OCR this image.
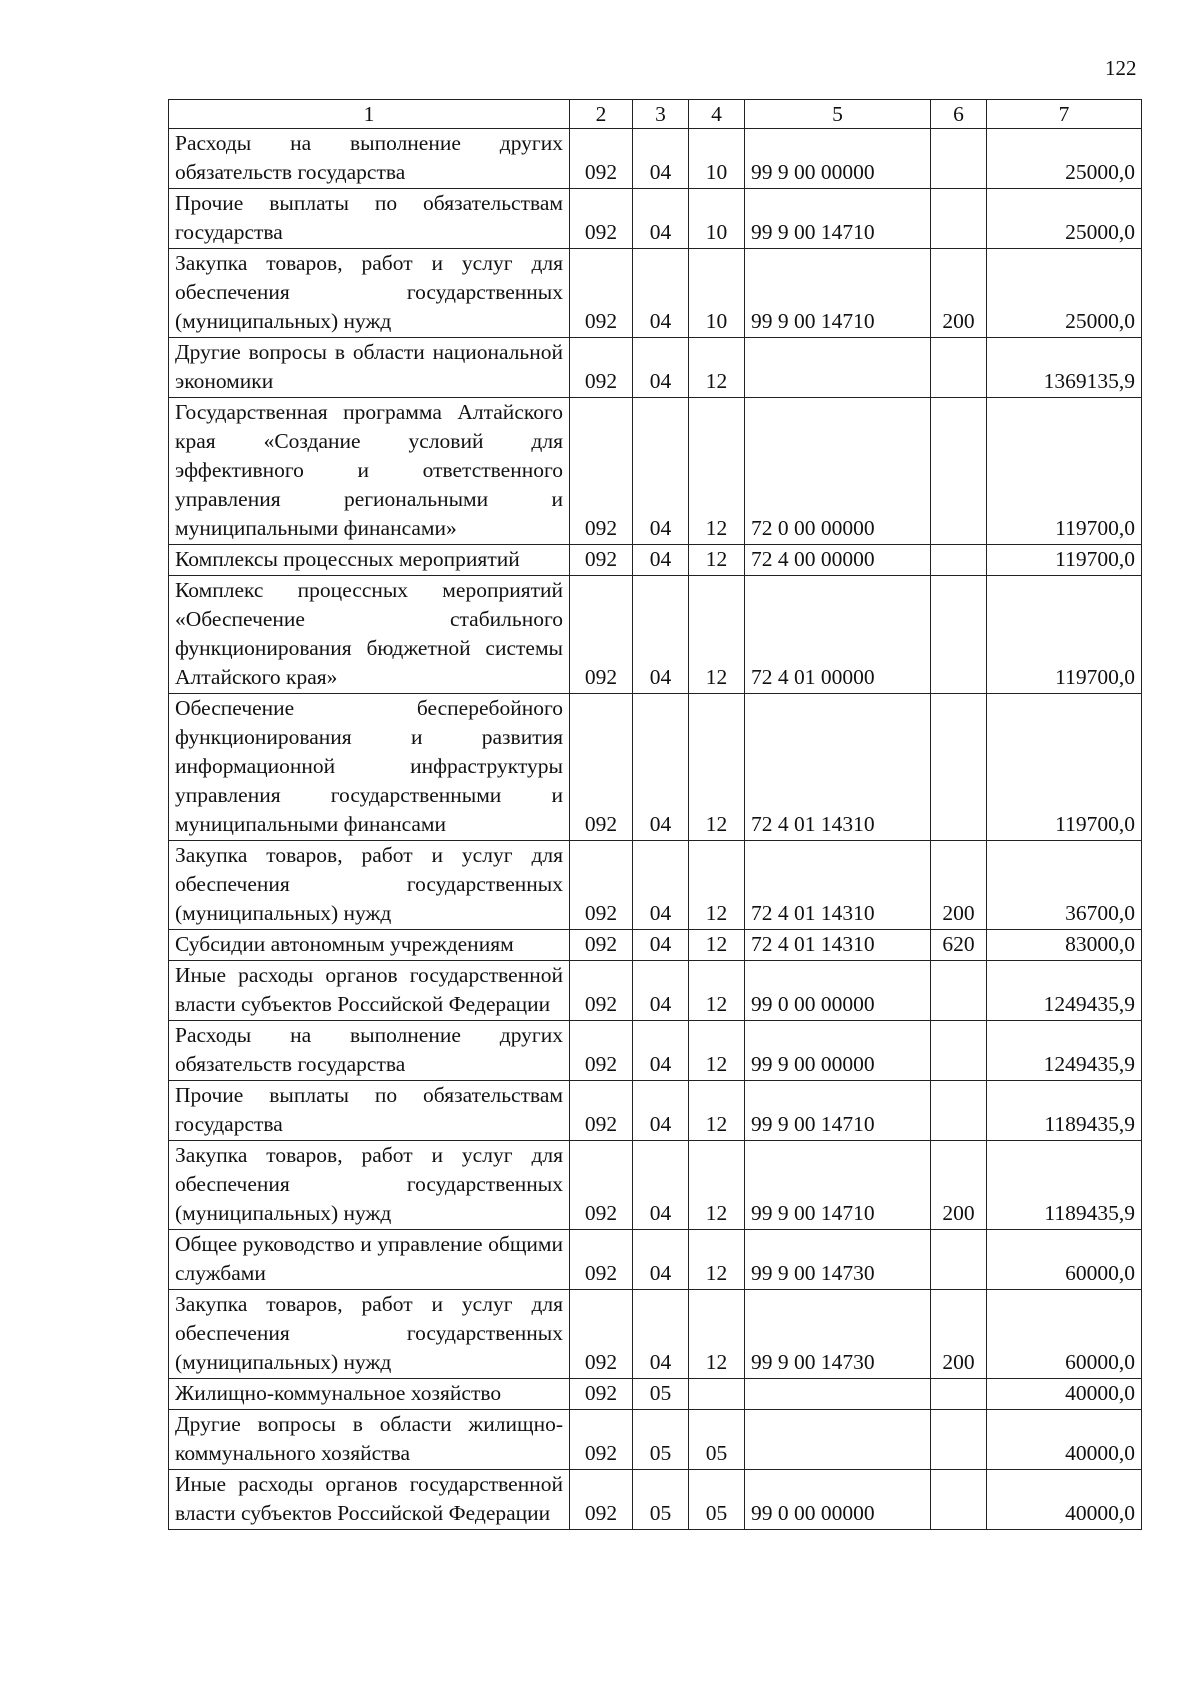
122
1	2	3	4	5	6	7
Расходы на выполнение других обязательств государства	092	04	10	99 9 00 00000		25000,0
Прочие выплаты по обязательствам государства	092	04	10	99 9 00 14710		25000,0
Закупка товаров, работ и услуг для обеспечения государственных (муниципальных) нужд	092	04	10	99 9 00 14710	200	25000,0
Другие вопросы в области национальной экономики	092	04	12			1369135,9
Государственная программа Алтайского края «Создание условий для эффективного и ответственного управления региональными и муниципальными финансами»	092	04	12	72 0 00 00000		119700,0
Комплексы процессных мероприятий	092	04	12	72 4 00 00000		119700,0
Комплекс процессных мероприятий «Обеспечение стабильного функционирования бюджетной системы Алтайского края»	092	04	12	72 4 01 00000		119700,0
Обеспечение бесперебойного функционирования и развития информационной инфраструктуры управления государственными и муниципальными финансами	092	04	12	72 4 01 14310		119700,0
Закупка товаров, работ и услуг для обеспечения государственных (муниципальных) нужд	092	04	12	72 4 01 14310	200	36700,0
Субсидии автономным учреждениям	092	04	12	72 4 01 14310	620	83000,0
Иные расходы органов государственной власти субъектов Российской Федерации	092	04	12	99 0 00 00000		1249435,9
Расходы на выполнение других обязательств государства	092	04	12	99 9 00 00000		1249435,9
Прочие выплаты по обязательствам государства	092	04	12	99 9 00 14710		1189435,9
Закупка товаров, работ и услуг для обеспечения государственных (муниципальных) нужд	092	04	12	99 9 00 14710	200	1189435,9
Общее руководство и управление общими службами	092	04	12	99 9 00 14730		60000,0
Закупка товаров, работ и услуг для обеспечения государственных (муниципальных) нужд	092	04	12	99 9 00 14730	200	60000,0
Жилищно-коммунальное хозяйство	092	05				40000,0
Другие вопросы в области жилищно-коммунального хозяйства	092	05	05			40000,0
Иные расходы органов государственной власти субъектов Российской Федерации	092	05	05	99 0 00 00000		40000,0
